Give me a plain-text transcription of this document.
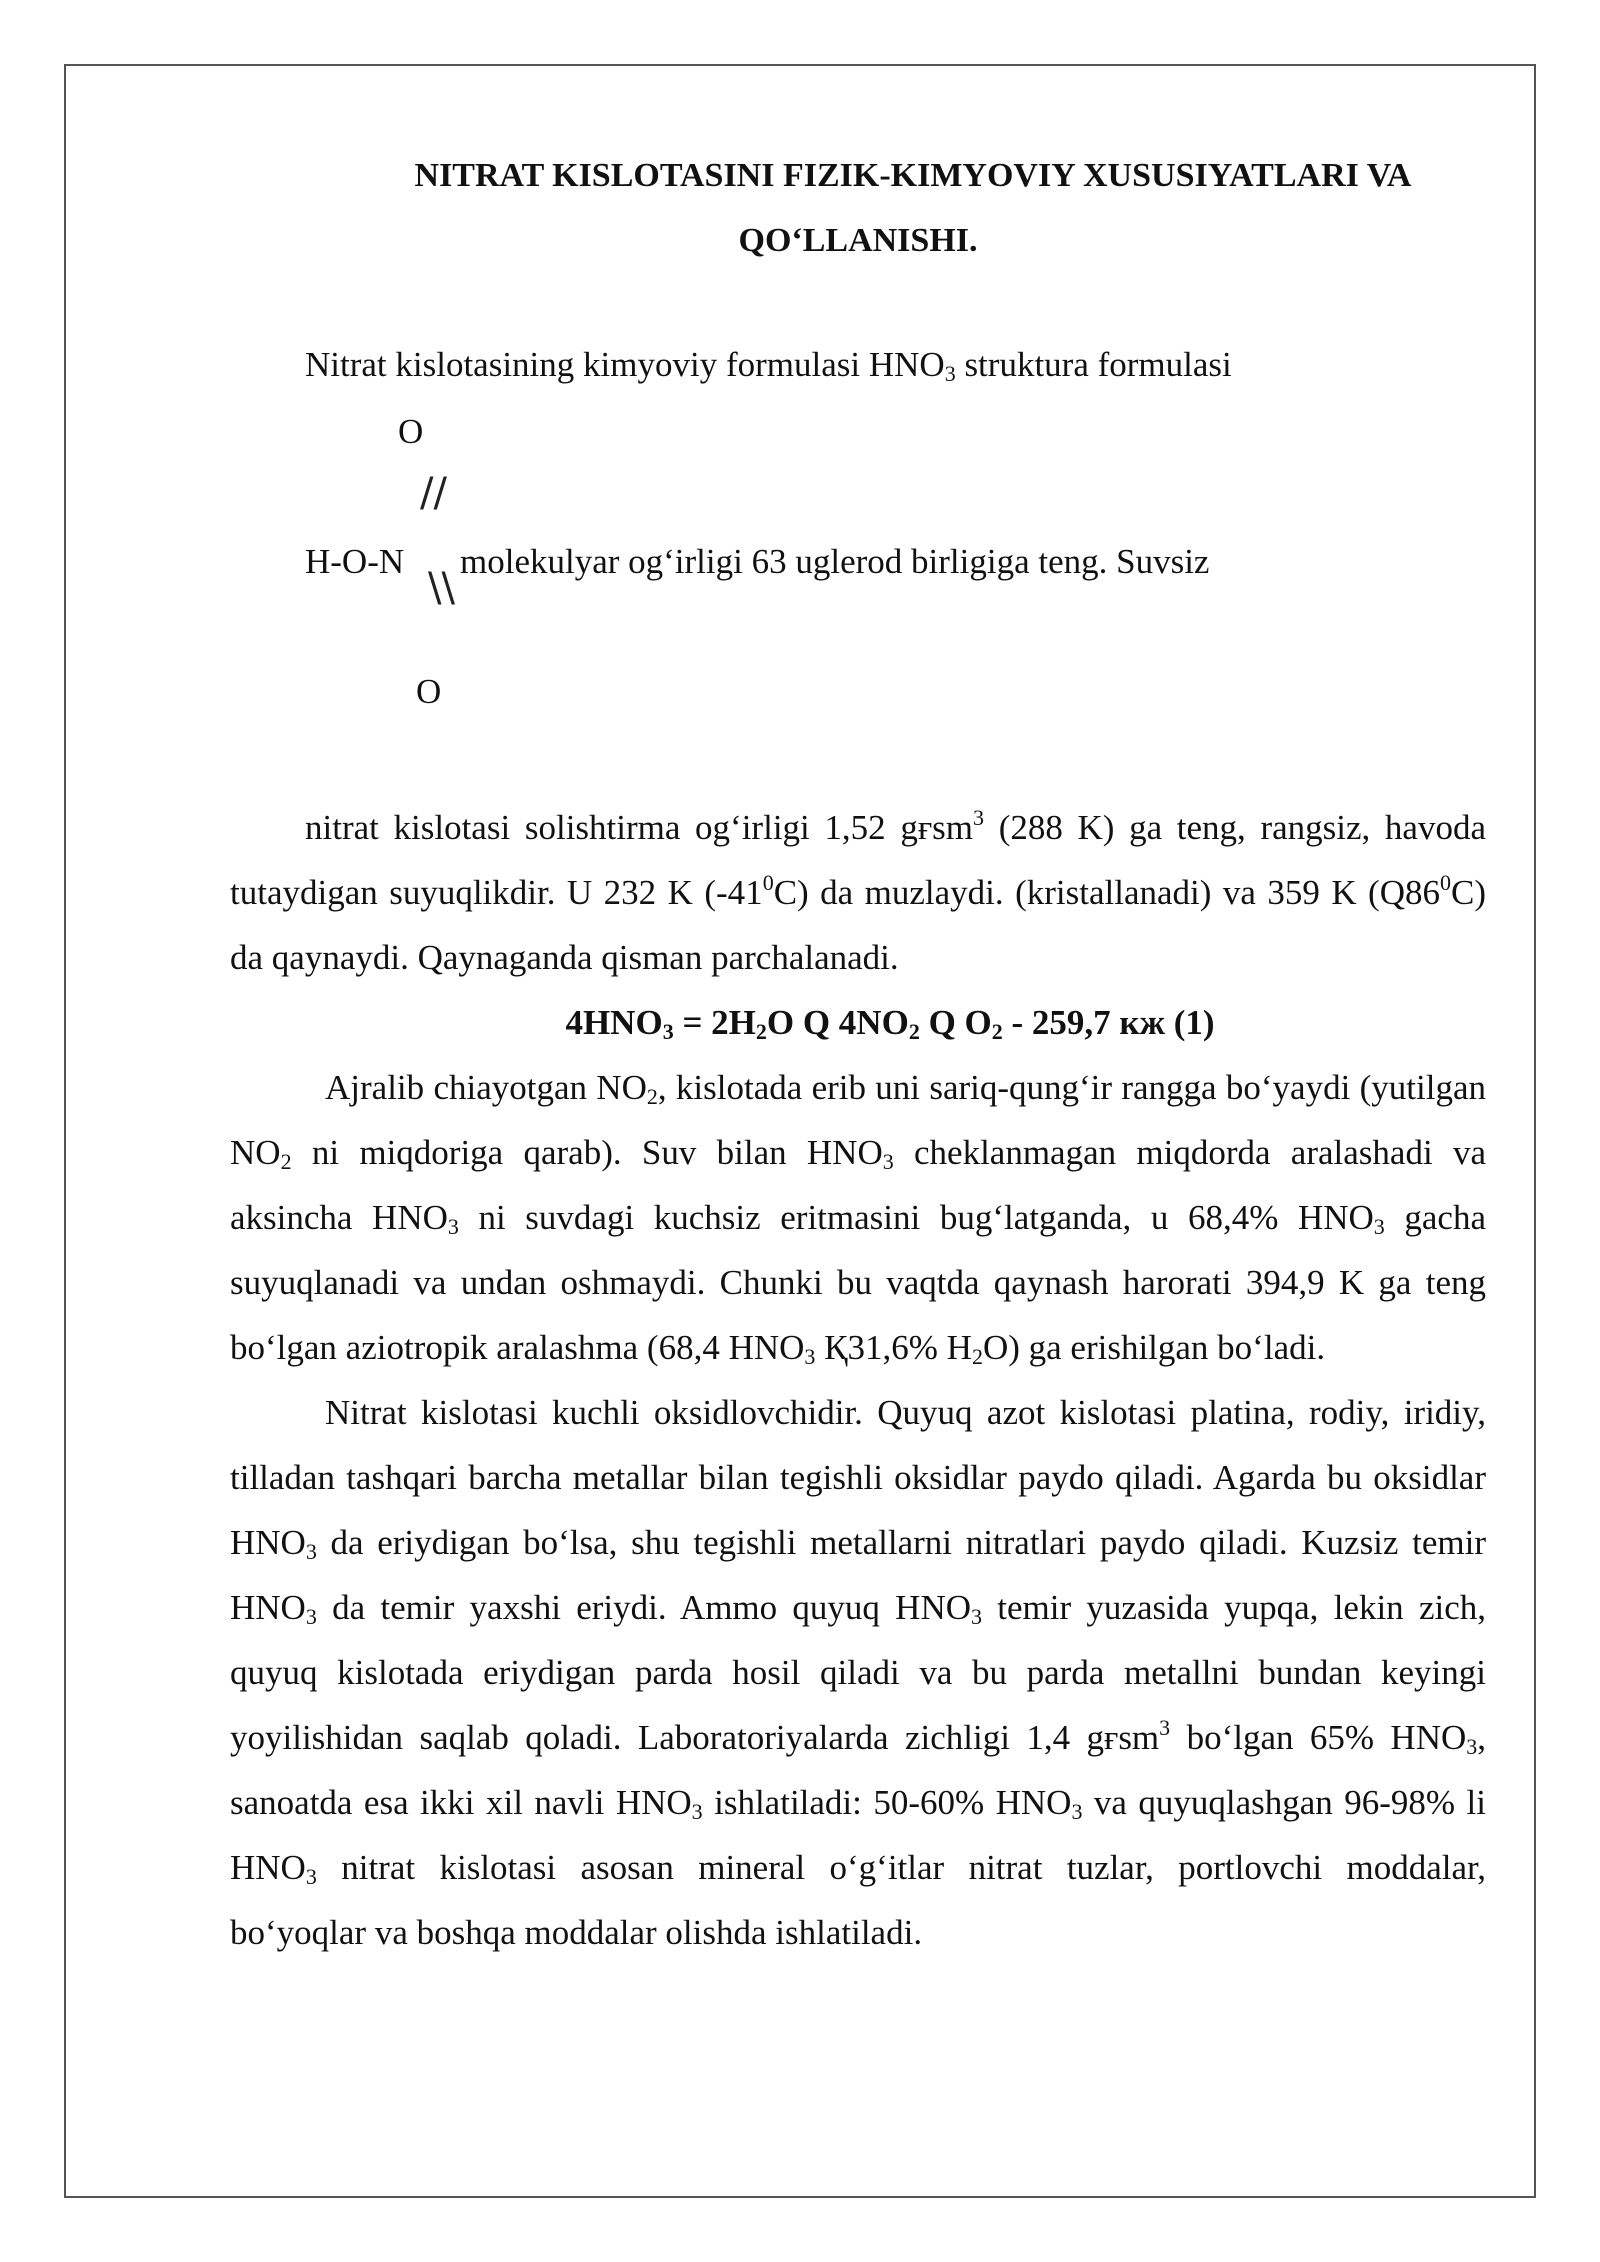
NITRAT KISLOTASINI FIZIK-KIMYOVIY XUSUSIYATLARI VA
QO‘LLANISHI.
Nitrat kislotasining kimyoviy formulasi $HNO_3$ struktura formulasi
O
//
H-O-N
\\
molekulyar og‘irligi 63 uglerod birligiga teng. Suvsiz
O

nitrat kislotasi solishtirma og‘irligi 1,52 gғsm$^3$ (288 K) ga teng, rangsiz, havoda tutaydigan suyuqlikdir. U 232 K $(-41^0C)$ da muzlaydi. (kristallanadi) va 359 K $(Q86^0C)$ da qaynaydi. Qaynaganda qisman parchalanadi.

$4HNO_3 = 2H_2O$ Q $4NO_2$ Q $O_2 - 259,7$ кж (1)

Ajralib chiayotgan $NO_2$, kislotada erib uni sariq-qung‘ir rangga bo‘yaydi (yutilgan $NO_2$ ni miqdoriga qarab). Suv bilan $HNO_3$ cheklanmagan miqdorda aralashadi va aksincha $HNO_3$ ni suvdagi kuchsiz eritmasini bug‘latganda, u 68,4% $HNO_3$ gacha suyuqlanadi va undan oshmaydi. Chunki bu vaqtda qaynash harorati 394,9 K ga teng bo‘lgan aziotropik aralashma (68,4 $HNO_3$ Қ31,6% $H_2O$) ga erishilgan bo‘ladi.

Nitrat kislotasi kuchli oksidlovchidir. Quyuq azot kislotasi platina, rodiy, iridiy, tilladan tashqari barcha metallar bilan tegishli oksidlar paydo qiladi. Agarda bu oksidlar $HNO_3$ da eriydigan bo‘lsa, shu tegishli metallarni nitratlari paydo qiladi. Kuzsiz temir $HNO_3$ da temir yaxshi eriydi. Ammo quyuq $HNO_3$ temir yuzasida yupqa, lekin zich, quyuq kislotada eriydigan parda hosil qiladi va bu parda metallni bundan keyingi yoyilishidan saqlab qoladi. Laboratoriyalarda zichligi 1,4 gғsm$^3$ bo‘lgan 65% $HNO_3$, sanoatda esa ikki xil navli $HNO_3$ ishlatiladi: 50-60% $HNO_3$ va quyuqlashgan 96-98% li $HNO_3$ nitrat kislotasi asosan mineral o‘g‘itlar nitrat tuzlar, portlovchi moddalar, bo‘yoqlar va boshqa moddalar olishda ishlatiladi.
